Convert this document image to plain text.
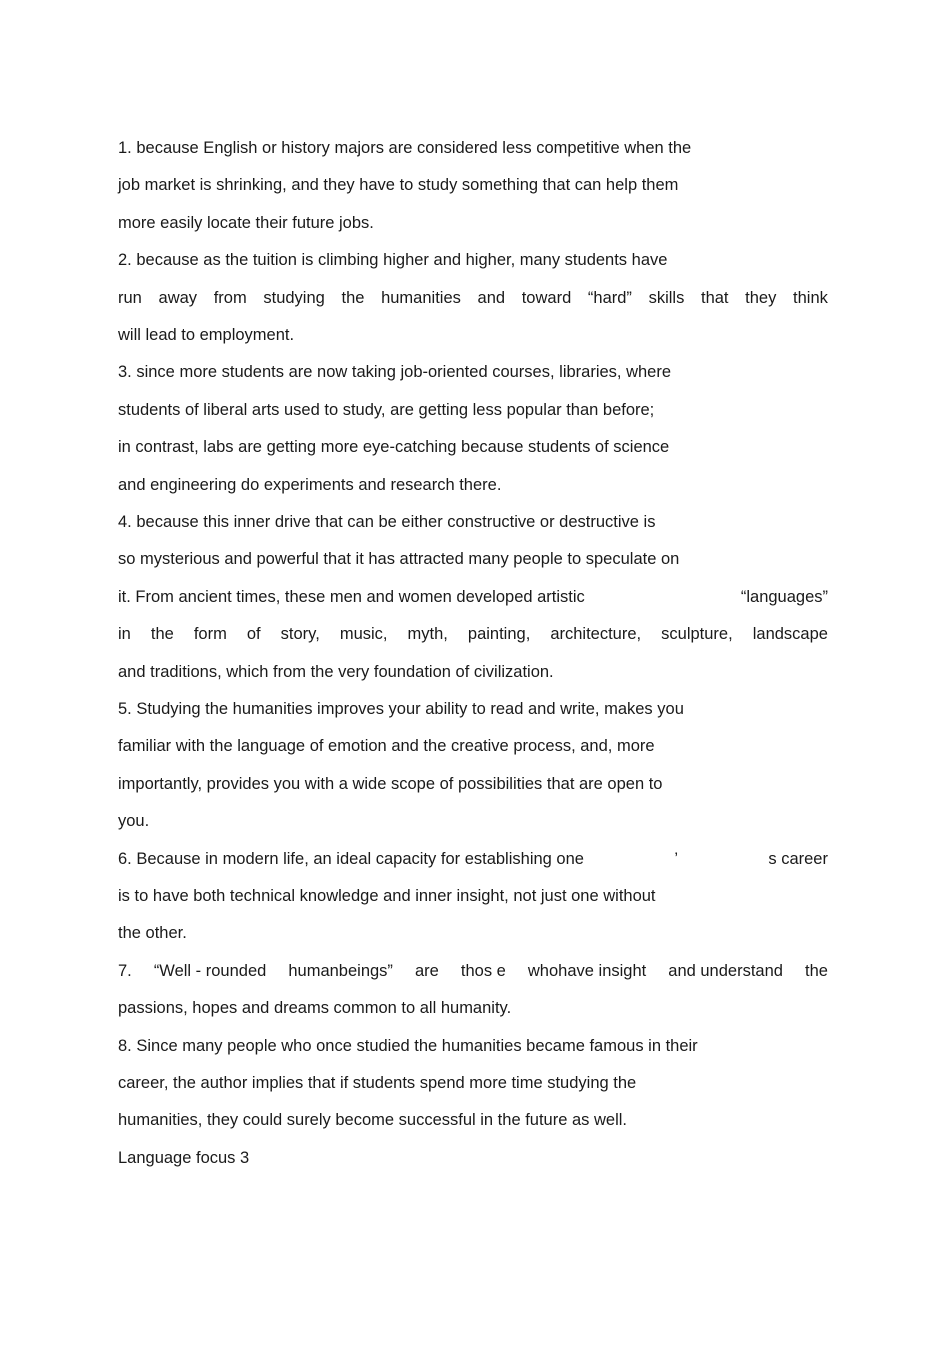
1. because English or history majors are considered less competitive when the

job market is shrinking, and they have to study something that can help them

more easily locate their future jobs.

2. because as the tuition is climbing higher and higher, many students have

run away from studying the humanities and toward “hard” skills that they think

will lead to employment.

3. since more students are now taking job-oriented courses, libraries, where

students of liberal arts used to study, are getting less popular than before;

in contrast, labs are getting more eye-catching because students of science

and engineering do experiments and research there.

4. because this inner drive that can be either constructive or destructive is

so mysterious and powerful that it has attracted many people to speculate on

it. From ancient times, these men and women developed artistic	“languages”

in the form of story, music, myth, painting, architecture, sculpture, landscape

and traditions, which from the very foundation of civilization.

5. Studying the humanities improves your ability to read and write, makes you

familiar with the language of emotion and the creative process, and, more

importantly, provides you with a wide scope of possibilities that are open to

you.

6. Because in modern life, an ideal capacity for establishing one	’	s career

is to have both technical knowledge and inner insight, not just one without

the other.

7. “Well - rounded humanbeings” are thos e whohave insight and understand the

passions, hopes and dreams common to all humanity.

8. Since many people who once studied the humanities became famous in their

career, the author implies that if students spend more time studying the

humanities, they could surely become successful in the future as well.

Language focus 3
